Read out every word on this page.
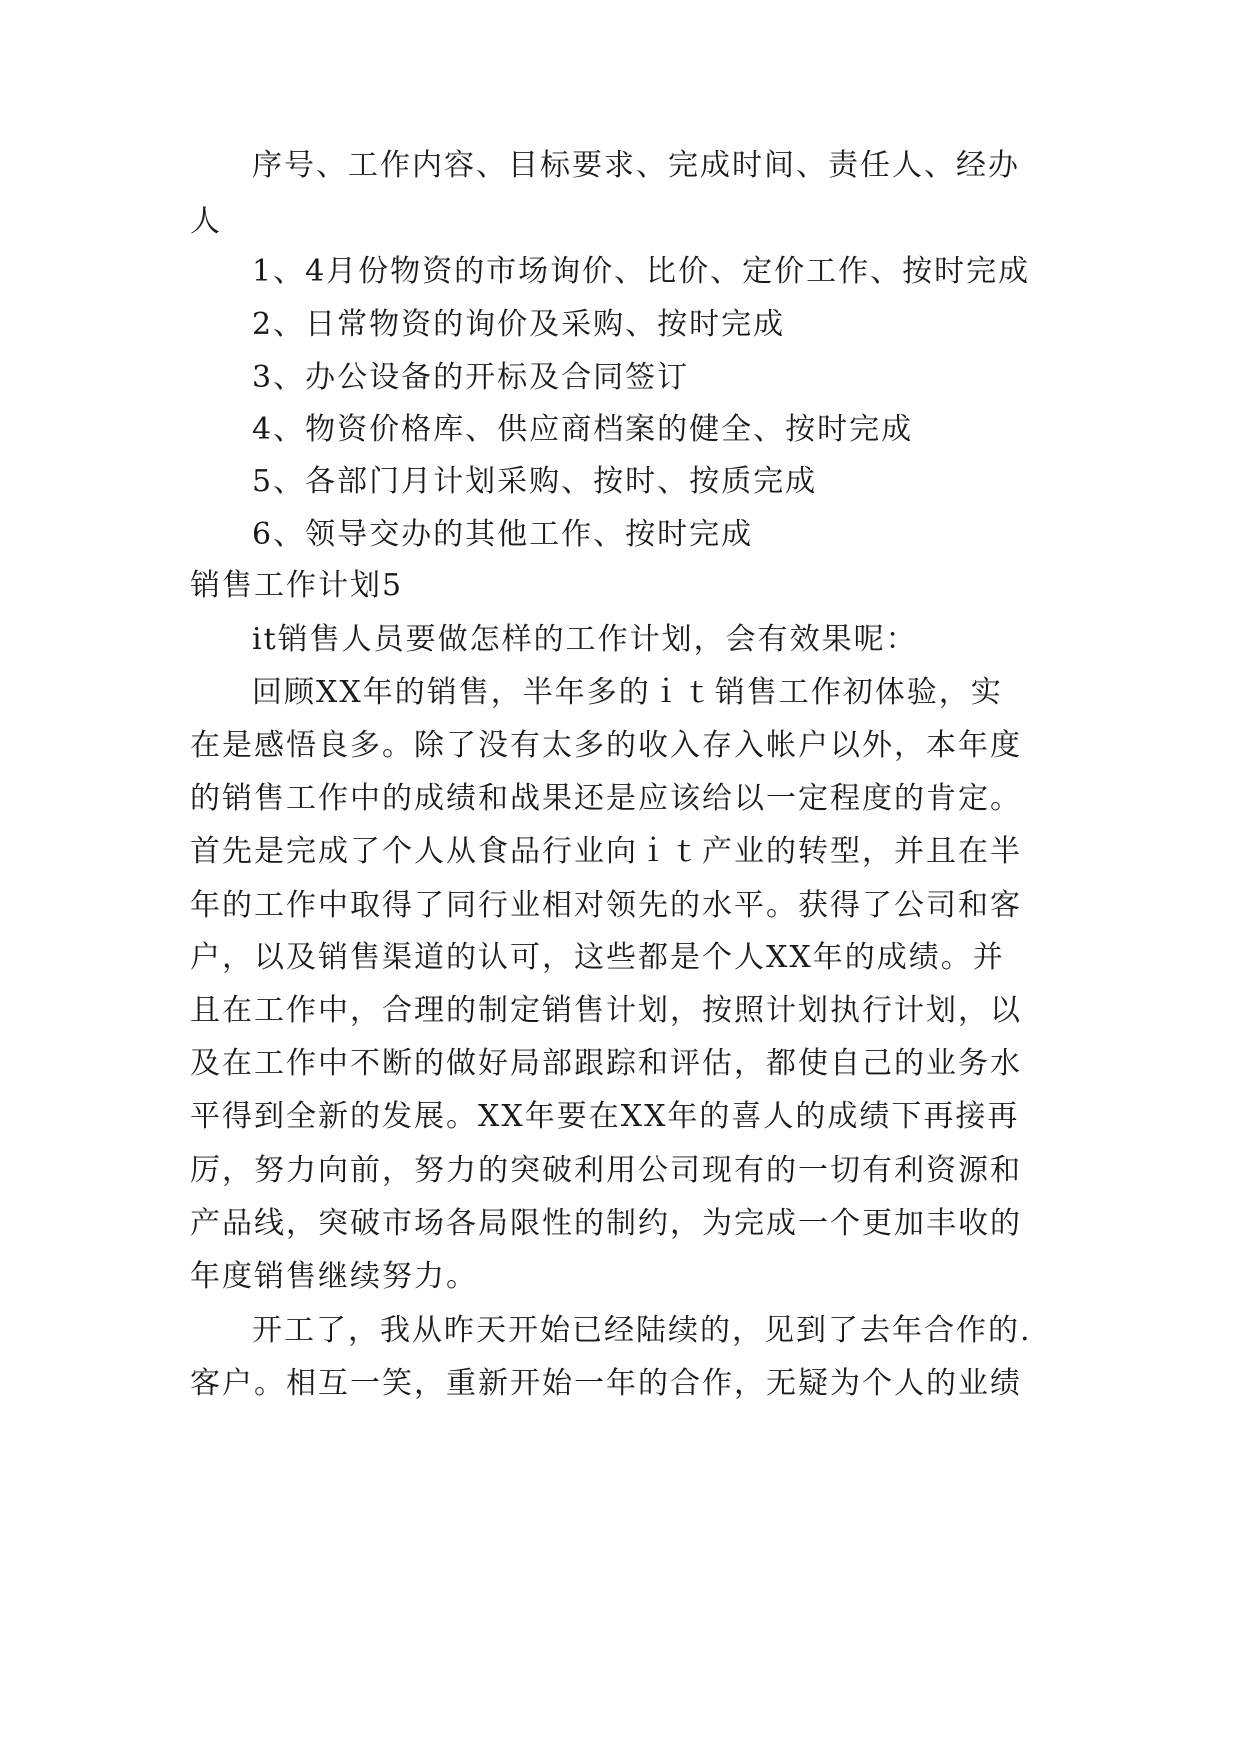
序号、工作内容、目标要求、完成时间、责任人、经办
人
1、4月份物资的市场询价、比价、定价工作、按时完成
2、日常物资的询价及采购、按时完成
3、办公设备的开标及合同签订
4、物资价格库、供应商档案的健全、按时完成
5、各部门月计划采购、按时、按质完成
6、领导交办的其他工作、按时完成
销售工作计划5
it销售人员要做怎样的工作计划，会有效果呢：
回顾XX年的销售，半年多的ｉｔ销售工作初体验，实
在是感悟良多。除了没有太多的收入存入帐户以外，本年度
的销售工作中的成绩和战果还是应该给以一定程度的肯定。
首先是完成了个人从食品行业向ｉｔ产业的转型，并且在半
年的工作中取得了同行业相对领先的水平。获得了公司和客
户，以及销售渠道的认可，这些都是个人XX年的成绩。并
且在工作中，合理的制定销售计划，按照计划执行计划，以
及在工作中不断的做好局部跟踪和评估，都使自己的业务水
平得到全新的发展。XX年要在XX年的喜人的成绩下再接再
厉，努力向前，努力的突破利用公司现有的一切有利资源和
产品线，突破市场各局限性的制约，为完成一个更加丰收的
年度销售继续努力。
开工了，我从昨天开始已经陆续的，见到了去年合作的.
客户。相互一笑，重新开始一年的合作，无疑为个人的业绩
